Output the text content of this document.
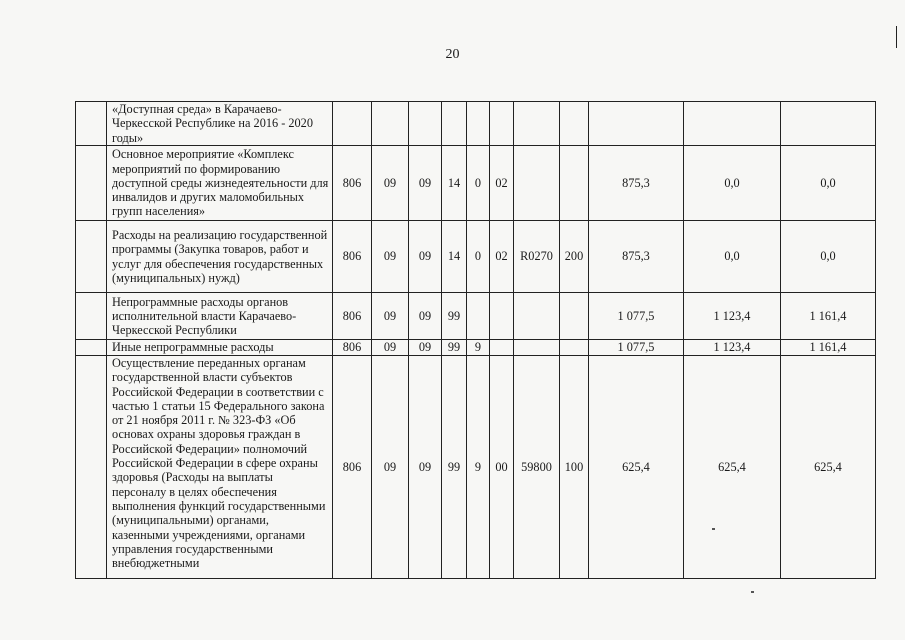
20
	«Доступная среда» в Карачаево-Черкесской Республике на 2016 - 2020 годы»											
	Основное мероприятие «Комплекс мероприятий по формированию доступной среды жизнедеятельности для инвалидов и других маломобильных групп населения»	806	09	09	14	0	02			875,3	0,0	0,0
	Расходы на реализацию государственной программы (Закупка товаров, работ и услуг для обеспечения государственных (муниципальных) нужд)	806	09	09	14	0	02	R0270	200	875,3	0,0	0,0
	Непрограммные расходы органов исполнительной власти Карачаево-Черкесской Республики	806	09	09	99					1 077,5	1 123,4	1 161,4
	Иные непрограммные расходы	806	09	09	99	9				1 077,5	1 123,4	1 161,4

	Осуществление переданных органам государственной власти субъектов Российской Федерации в соответствии с частью 1 статьи 15 Федерального закона от 21 ноября 2011 г. № 323-ФЗ «Об основах охраны здоровья граждан в Российской Федерации» полномочий Российской Федерации в сфере охраны здоровья (Расходы на выплаты персоналу в целях обеспечения выполнения функций государственными (муниципальными) органами, казенными учреждениями, органами управления государственными внебюджетными	806	09	09	99	9	00	59800	100	625,4	625,4	625,4
